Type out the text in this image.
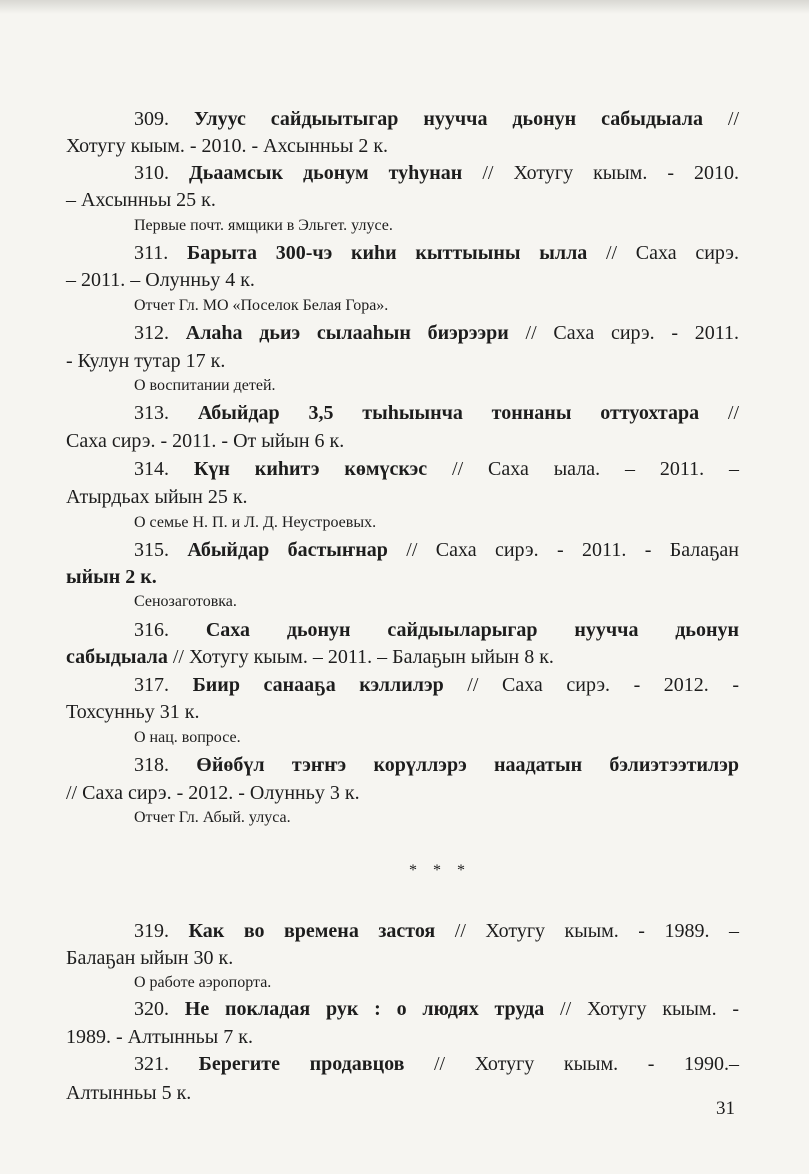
309. Улуус сайдыытыгар нуучча дьонун сабыдыала //
Хотугу кыым. - 2010. - Ахсынньы 2 к.
310. Дьаамсык дьонум туһунан // Хотугу кыым. - 2010.
– Ахсынньы 25 к.
Первые почт. ямщики в Эльгет. улусе.
311. Барыта 300-чэ киһи кыттыыны ылла // Саха сирэ.
– 2011. – Олунньу 4 к.
Отчет Гл. МО «Поселок Белая Гора».
312. Алаһа дьиэ сылааһын биэрээри // Саха сирэ. - 2011.
- Кулун тутар 17 к.
О воспитании детей.
313. Абыйдар 3,5 тыһыынча тоннаны оттуохтара //
Саха сирэ. - 2011. - От ыйын 6 к.
314. Күн киһитэ көмүскэс // Саха ыала. – 2011. –
Атырдьах ыйын 25 к.
О семье Н. П. и Л. Д. Неустроевых.
315. Абыйдар бастыҥнар // Саха сирэ. - 2011. - Балаҕан
ыйын 2 к.
Сенозаготовка.
316. Саха дьонун сайдыыларыгар нуучча дьонун
сабыдыала // Хотугу кыым. – 2011. – Балаҕын ыйын 8 к.
317. Биир санааҕа кэллилэр // Саха сирэ. - 2012. -
Тохсунньу 31 к.
О нац. вопросе.
318. Өйөбүл тэҥҥэ корүллэрэ наадатын бэлиэтээтилэр
// Саха сирэ. - 2012. - Олунньу 3 к.
Отчет Гл. Абый. улуса.
* * *
319. Как во времена застоя // Хотугу кыым. - 1989. –
Балаҕан ыйын 30 к.
О работе аэропорта.
320. Не покладая рук : о людях труда // Хотугу кыым. -
1989. - Алтынньы 7 к.
321. Берегите продавцов // Хотугу кыым. - 1990.–
Алтынньы 5 к.
31
